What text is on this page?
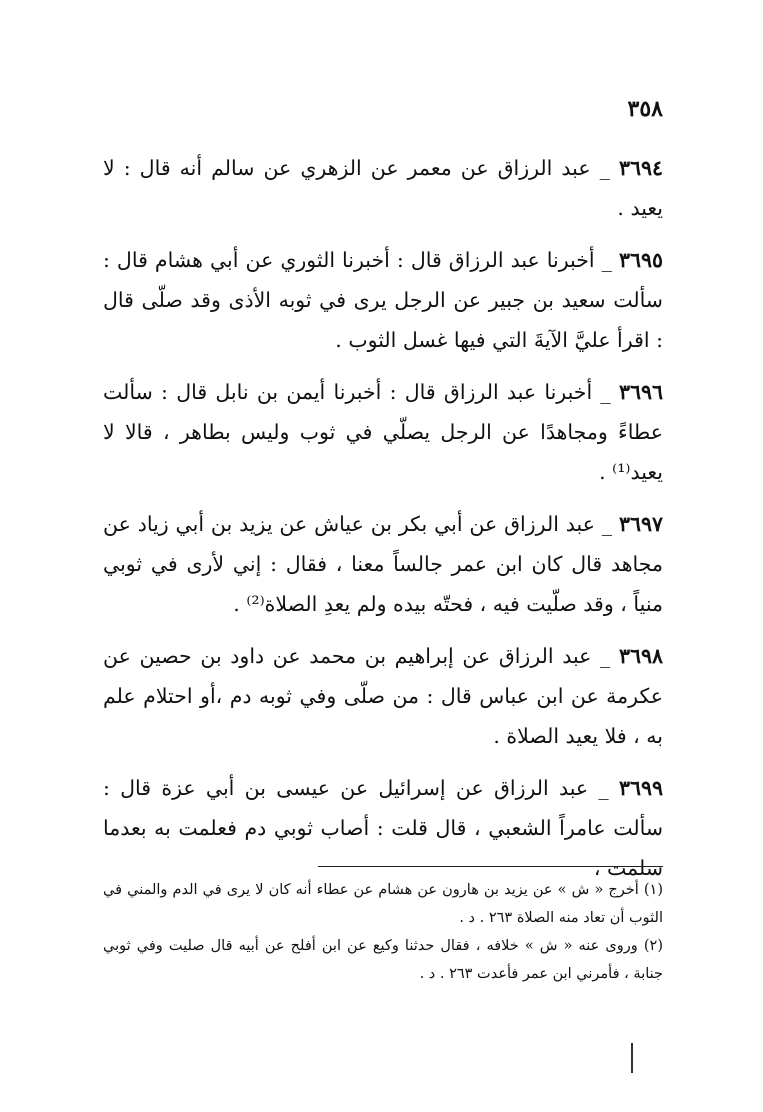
٣٥٨

٣٦٩٤ _ عبد الرزاق عن معمر عن الزهري عن سالم أنه قال : لا يعيد .

٣٦٩٥ _ أخبرنا عبد الرزاق قال : أخبرنا الثوري عن أبي هشام قال : سألت سعيد بن جبير عن الرجل يرى في ثوبه الأذى وقد صلّى قال : اقرأ عليَّ الآيةَ التي فيها غسل الثوب .

٣٦٩٦ _ أخبرنا عبد الرزاق قال : أخبرنا أيمن بن نابل قال : سألت عطاءً ومجاهدًا عن الرجل يصلّي في ثوب وليس بطاهر ، قالا لا يعيد⁽¹⁾ .

٣٦٩٧ _ عبد الرزاق عن أبي بكر بن عياش عن يزيد بن أبي زياد عن مجاهد قال كان ابن عمر جالساً معنا ، فقال : إني لأرى في ثوبي منياً ، وقد صلّيت فيه ، فحتّه بيده ولم يعدِ الصلاة⁽²⁾ .

٣٦٩٨ _ عبد الرزاق عن إبراهيم بن محمد عن داود بن حصين عن عكرمة عن ابن عباس قال : من صلّى وفي ثوبه دم ،أو احتلام علم به ، فلا يعيد الصلاة .

٣٦٩٩ _ عبد الرزاق عن إسرائيل عن عيسى بن أبي عزة قال : سألت عامراً الشعبي ، قال قلت : أصاب ثوبي دم فعلمت به بعدما سلمت ،

(١) أخرج « ش » عن يزيد بن هارون عن هشام عن عطاء أنه كان لا يرى في الدم والمني في الثوب أن تعاد منه الصلاة ٢٦٣ . د .

(٢) وروى عنه « ش » خلافه ، فقال حدثنا وكيع عن ابن أفلح عن أبيه قال صليت وفي ثوبي جنابة ، فأمرني ابن عمر فأعدت ٢٦٣ . د .
